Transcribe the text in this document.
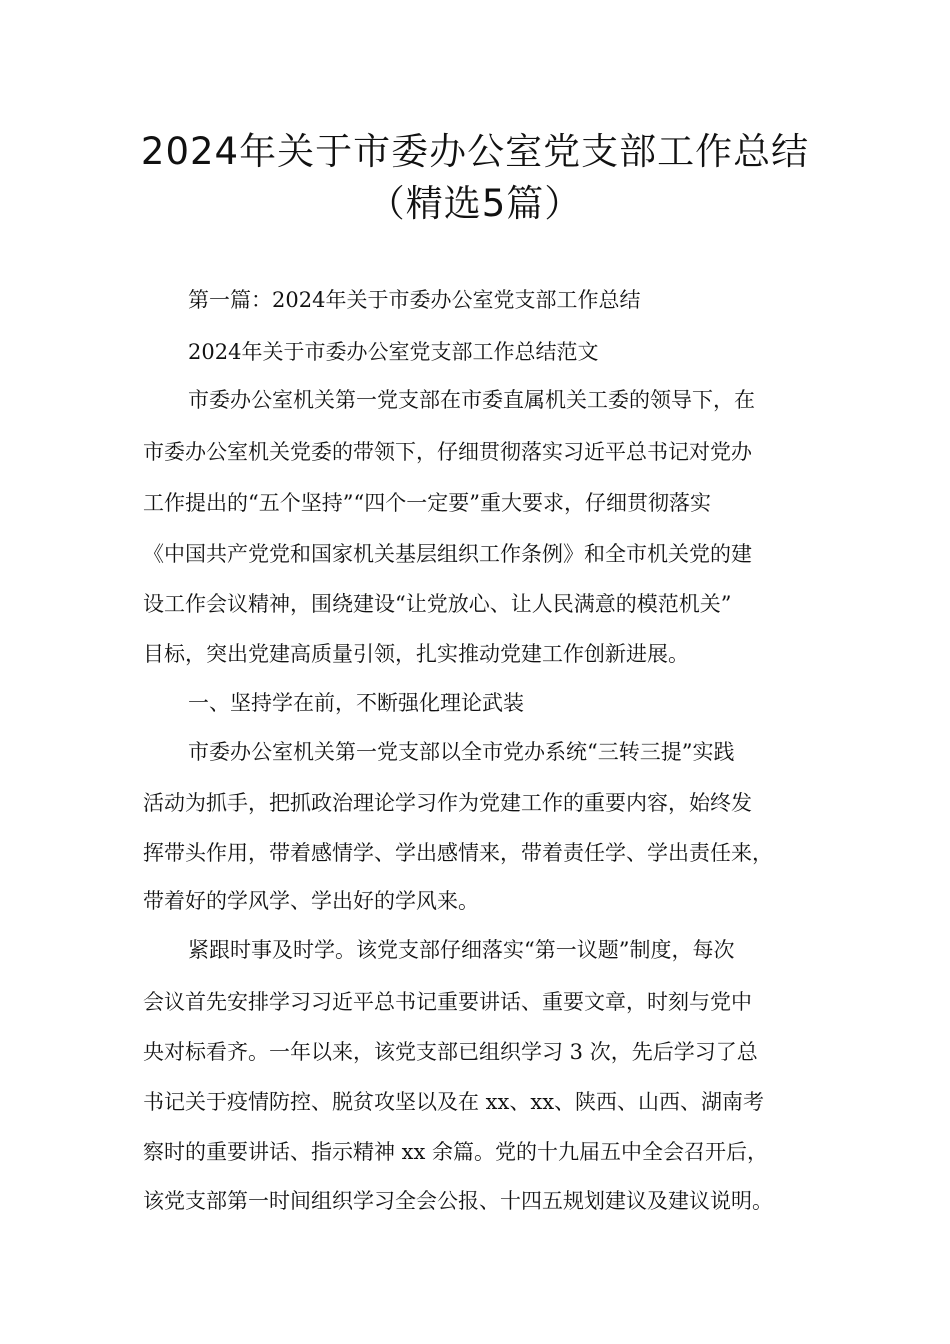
2024年关于市委办公室党支部工作总结
（精选5篇）
第一篇：2024年关于市委办公室党支部工作总结
2024年关于市委办公室党支部工作总结范文
市委办公室机关第一党支部在市委直属机关工委的领导下，在
市委办公室机关党委的带领下，仔细贯彻落实习近平总书记对党办
工作提出的“五个坚持”“四个一定要”重大要求，仔细贯彻落实
《中国共产党党和国家机关基层组织工作条例》和全市机关党的建
设工作会议精神，围绕建设“让党放心、让人民满意的模范机关”
目标，突出党建高质量引领，扎实推动党建工作创新进展。
一、坚持学在前，不断强化理论武装
市委办公室机关第一党支部以全市党办系统“三转三提”实践
活动为抓手，把抓政治理论学习作为党建工作的重要内容，始终发
挥带头作用，带着感情学、学出感情来，带着责任学、学出责任来，
带着好的学风学、学出好的学风来。
紧跟时事及时学。该党支部仔细落实“第一议题”制度，每次
会议首先安排学习习近平总书记重要讲话、重要文章，时刻与党中
央对标看齐。一年以来，该党支部已组织学习 3 次，先后学习了总
书记关于疫情防控、脱贫攻坚以及在 xx、xx、陕西、山西、湖南考
察时的重要讲话、指示精神 xx 余篇。党的十九届五中全会召开后，
该党支部第一时间组织学习全会公报、十四五规划建议及建议说明。
